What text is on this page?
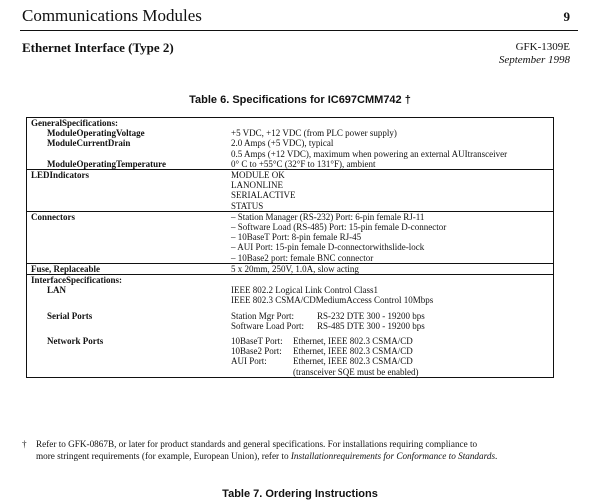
Communications Modules	9
Ethernet Interface (Type 2)	GFK-1309E
September 1998
Table 6. Specifications for IC697CMM742 †
GeneralSpecifications:	
ModuleOperatingVoltage	+5 VDC, +12 VDC (from PLC power supply)
ModuleCurrentDrain	2.0 Amps (+5 VDC), typical
0.5 Amps (+12 VDC), maximum when powering an external AUItransceiver

ModuleOperatingTemperature	0° C to +55°C (32°F to 131°F), ambient
LEDIndicators	MODULE OK
LANONLINE
SERIALACTIVE
STATUS

Connectors	– Station Manager (RS-232) Port: 6-pin female RJ-11
– Software Load (RS-485) Port: 15-pin female D-connector
– 10BaseT Port: 8-pin female RJ-45
– AUI Port: 15-pin female D-connectorwithslide-lock
– 10Base2 port: female BNC connector

Fuse, Replaceable	5 x 20mm, 250V, 1.0A, slow acting
InterfaceSpecifications:	
LAN	IEEE 802.2 Logical Link Control Class1
IEEE 802.3 CSMA/CDMediumAccess Control 10Mbps

Serial Ports	Station Mgr Port: RS-232 DTE 300 - 19200 bps
Software Load Port: RS-485 DTE 300 - 19200 bps

Network Ports	10BaseT Port: Ethernet, IEEE 802.3 CSMA/CD
10Base2 Port: Ethernet, IEEE 802.3 CSMA/CD
AUI Port: Ethernet, IEEE 802.3 CSMA/CD
(transceiver SQE must be enabled)
†	Refer to GFK-0867B, or later for product standards and general specifications. For installations requiring compliance to
more stringent requirements (for example, European Union), refer to Installationrequirements for Conformance to Standards.
Table 7. Ordering Instructions
